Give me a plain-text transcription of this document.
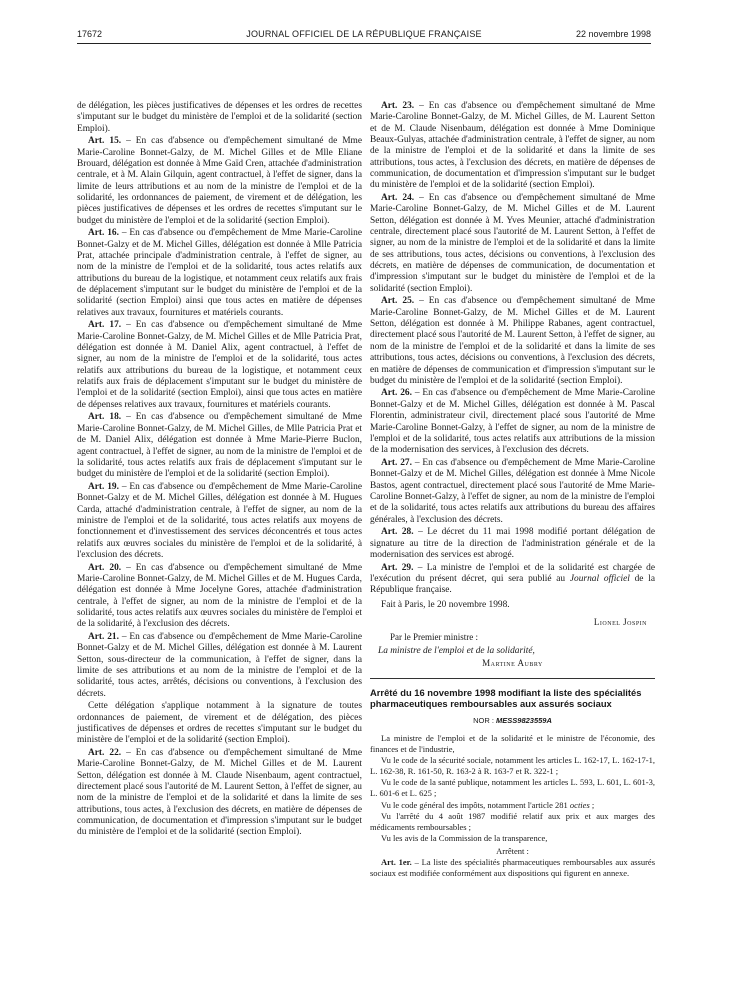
17672	JOURNAL OFFICIEL DE LA RÉPUBLIQUE FRANÇAISE	22 novembre 1998

de délégation, les pièces justificatives de dépenses et les ordres de recettes s'imputant sur le budget du ministère de l'emploi et de la solidarité (section Emploi).

Art. 15. – En cas d'absence ou d'empêchement simultané de Mme Marie-Caroline Bonnet-Galzy, de M. Michel Gilles et de Mlle Eliane Brouard, délégation est donnée à Mme Gaïd Cren, attachée d'administration centrale, et à M. Alain Gilquin, agent contractuel, à l'effet de signer, dans la limite de leurs attributions et au nom de la ministre de l'emploi et de la solidarité, les ordonnances de paiement, de virement et de délégation, les pièces justificatives de dépenses et les ordres de recettes s'imputant sur le budget du ministère de l'emploi et de la solidarité (section Emploi).

Art. 16. – En cas d'absence ou d'empêchement de Mme Marie-Caroline Bonnet-Galzy et de M. Michel Gilles, délégation est donnée à Mlle Patricia Prat, attachée principale d'administration centrale, à l'effet de signer, au nom de la ministre de l'emploi et de la solidarité, tous actes relatifs aux attributions du bureau de la logistique, et notamment ceux relatifs aux frais de déplacement s'imputant sur le budget du ministère de l'emploi et de la solidarité (section Emploi) ainsi que tous actes en matière de dépenses relatives aux travaux, fournitures et matériels courants.

Art. 17. – En cas d'absence ou d'empêchement simultané de Mme Marie-Caroline Bonnet-Galzy, de M. Michel Gilles et de Mlle Patricia Prat, délégation est donnée à M. Daniel Alix, agent contractuel, à l'effet de signer, au nom de la ministre de l'emploi et de la solidarité, tous actes relatifs aux attributions du bureau de la logistique, et notamment ceux relatifs aux frais de déplacement s'imputant sur le budget du ministère de l'emploi et de la solidarité (section Emploi), ainsi que tous actes en matière de dépenses relatives aux travaux, fournitures et matériels courants.

Art. 18. – En cas d'absence ou d'empêchement simultané de Mme Marie-Caroline Bonnet-Galzy, de M. Michel Gilles, de Mlle Patricia Prat et de M. Daniel Alix, délégation est donnée à Mme Marie-Pierre Buclon, agent contractuel, à l'effet de signer, au nom de la ministre de l'emploi et de la solidarité, tous actes relatifs aux frais de déplacement s'imputant sur le budget du ministère de l'emploi et de la solidarité (section Emploi).

Art. 19. – En cas d'absence ou d'empêchement de Mme Marie-Caroline Bonnet-Galzy et de M. Michel Gilles, délégation est donnée à M. Hugues Carda, attaché d'administration centrale, à l'effet de signer, au nom de la ministre de l'emploi et de la solidarité, tous actes relatifs aux moyens de fonctionnement et d'investissement des services déconcentrés et tous actes relatifs aux œuvres sociales du ministère de l'emploi et de la solidarité, à l'exclusion des décrets.

Art. 20. – En cas d'absence ou d'empêchement simultané de Mme Marie-Caroline Bonnet-Galzy, de M. Michel Gilles et de M. Hugues Carda, délégation est donnée à Mme Jocelyne Gores, attachée d'administration centrale, à l'effet de signer, au nom de la ministre de l'emploi et de la solidarité, tous actes relatifs aux œuvres sociales du ministère de l'emploi et de la solidarité, à l'exclusion des décrets.

Art. 21. – En cas d'absence ou d'empêchement de Mme Marie-Caroline Bonnet-Galzy et de M. Michel Gilles, délégation est donnée à M. Laurent Setton, sous-directeur de la communication, à l'effet de signer, dans la limite de ses attributions et au nom de la ministre de l'emploi et de la solidarité, tous actes, arrêtés, décisions ou conventions, à l'exclusion des décrets.

Cette délégation s'applique notamment à la signature de toutes ordonnances de paiement, de virement et de délégation, des pièces justificatives de dépenses et ordres de recettes s'imputant sur le budget du ministère de l'emploi et de la solidarité (section Emploi).

Art. 22. – En cas d'absence ou d'empêchement simultané de Mme Marie-Caroline Bonnet-Galzy, de M. Michel Gilles et de M. Laurent Setton, délégation est donnée à M. Claude Nisenbaum, agent contractuel, directement placé sous l'autorité de M. Laurent Setton, à l'effet de signer, au nom de la ministre de l'emploi et de la solidarité et dans la limite de ses attributions, tous actes, à l'exclusion des décrets, en matière de dépenses de communication, de documentation et d'impression s'imputant sur le budget du ministère de l'emploi et de la solidarité (section Emploi).

Art. 23. – En cas d'absence ou d'empêchement simultané de Mme Marie-Caroline Bonnet-Galzy, de M. Michel Gilles, de M. Laurent Setton et de M. Claude Nisenbaum, délégation est donnée à Mme Dominique Beaux-Gulyas, attachée d'administration centrale, à l'effet de signer, au nom de la ministre de l'emploi et de la solidarité et dans la limite de ses attributions, tous actes, à l'exclusion des décrets, en matière de dépenses de communication, de documentation et d'impression s'imputant sur le budget du ministère de l'emploi et de la solidarité (section Emploi).

Art. 24. – En cas d'absence ou d'empêchement simultané de Mme Marie-Caroline Bonnet-Galzy, de M. Michel Gilles et de M. Laurent Setton, délégation est donnée à M. Yves Meunier, attaché d'administration centrale, directement placé sous l'autorité de M. Laurent Setton, à l'effet de signer, au nom de la ministre de l'emploi et de la solidarité et dans la limite de ses attributions, tous actes, décisions ou conventions, à l'exclusion des décrets, en matière de dépenses de communication, de documentation et d'impression s'imputant sur le budget du ministère de l'emploi et de la solidarité (section Emploi).

Art. 25. – En cas d'absence ou d'empêchement simultané de Mme Marie-Caroline Bonnet-Galzy, de M. Michel Gilles et de M. Laurent Setton, délégation est donnée à M. Philippe Rabanes, agent contractuel, directement placé sous l'autorité de M. Laurent Setton, à l'effet de signer, au nom de la ministre de l'emploi et de la solidarité et dans la limite de ses attributions, tous actes, décisions ou conventions, à l'exclusion des décrets, en matière de dépenses de communication et d'impression s'imputant sur le budget du ministère de l'emploi et de la solidarité (section Emploi).

Art. 26. – En cas d'absence ou d'empêchement de Mme Marie-Caroline Bonnet-Galzy et de M. Michel Gilles, délégation est donnée à M. Pascal Florentin, administrateur civil, directement placé sous l'autorité de Mme Marie-Caroline Bonnet-Galzy, à l'effet de signer, au nom de la ministre de l'emploi et de la solidarité, tous actes relatifs aux attributions de la mission de la modernisation des services, à l'exclusion des décrets.

Art. 27. – En cas d'absence ou d'empêchement de Mme Marie-Caroline Bonnet-Galzy et de M. Michel Gilles, délégation est donnée à Mme Nicole Bastos, agent contractuel, directement placé sous l'autorité de Mme Marie-Caroline Bonnet-Galzy, à l'effet de signer, au nom de la ministre de l'emploi et de la solidarité, tous actes relatifs aux attributions du bureau des affaires générales, à l'exclusion des décrets.

Art. 28. – Le décret du 11 mai 1998 modifié portant délégation de signature au titre de la direction de l'administration générale et de la modernisation des services est abrogé.

Art. 29. – La ministre de l'emploi et de la solidarité est chargée de l'exécution du présent décret, qui sera publié au Journal officiel de la République française.

Fait à Paris, le 20 novembre 1998.

Lionel Jospin

Par le Premier ministre :

La ministre de l'emploi et de la solidarité,

Martine Aubry

Arrêté du 16 novembre 1998 modifiant la liste des spécialités pharmaceutiques remboursables aux assurés sociaux

NOR : MESS9823559A

La ministre de l'emploi et de la solidarité et le ministre de l'économie, des finances et de l'industrie,

Vu le code de la sécurité sociale, notamment les articles L. 162-17, L. 162-17-1, L. 162-38, R. 161-50, R. 163-2 à R. 163-7 et R. 322-1 ;

Vu le code de la santé publique, notamment les articles L. 593, L. 601, L. 601-3, L. 601-6 et L. 625 ;

Vu le code général des impôts, notamment l'article 281 octies ;

Vu l'arrêté du 4 août 1987 modifié relatif aux prix et aux marges des médicaments remboursables ;

Vu les avis de la Commission de la transparence,

Arrêtent :

Art. 1er. – La liste des spécialités pharmaceutiques remboursables aux assurés sociaux est modifiée conformément aux dispositions qui figurent en annexe.
